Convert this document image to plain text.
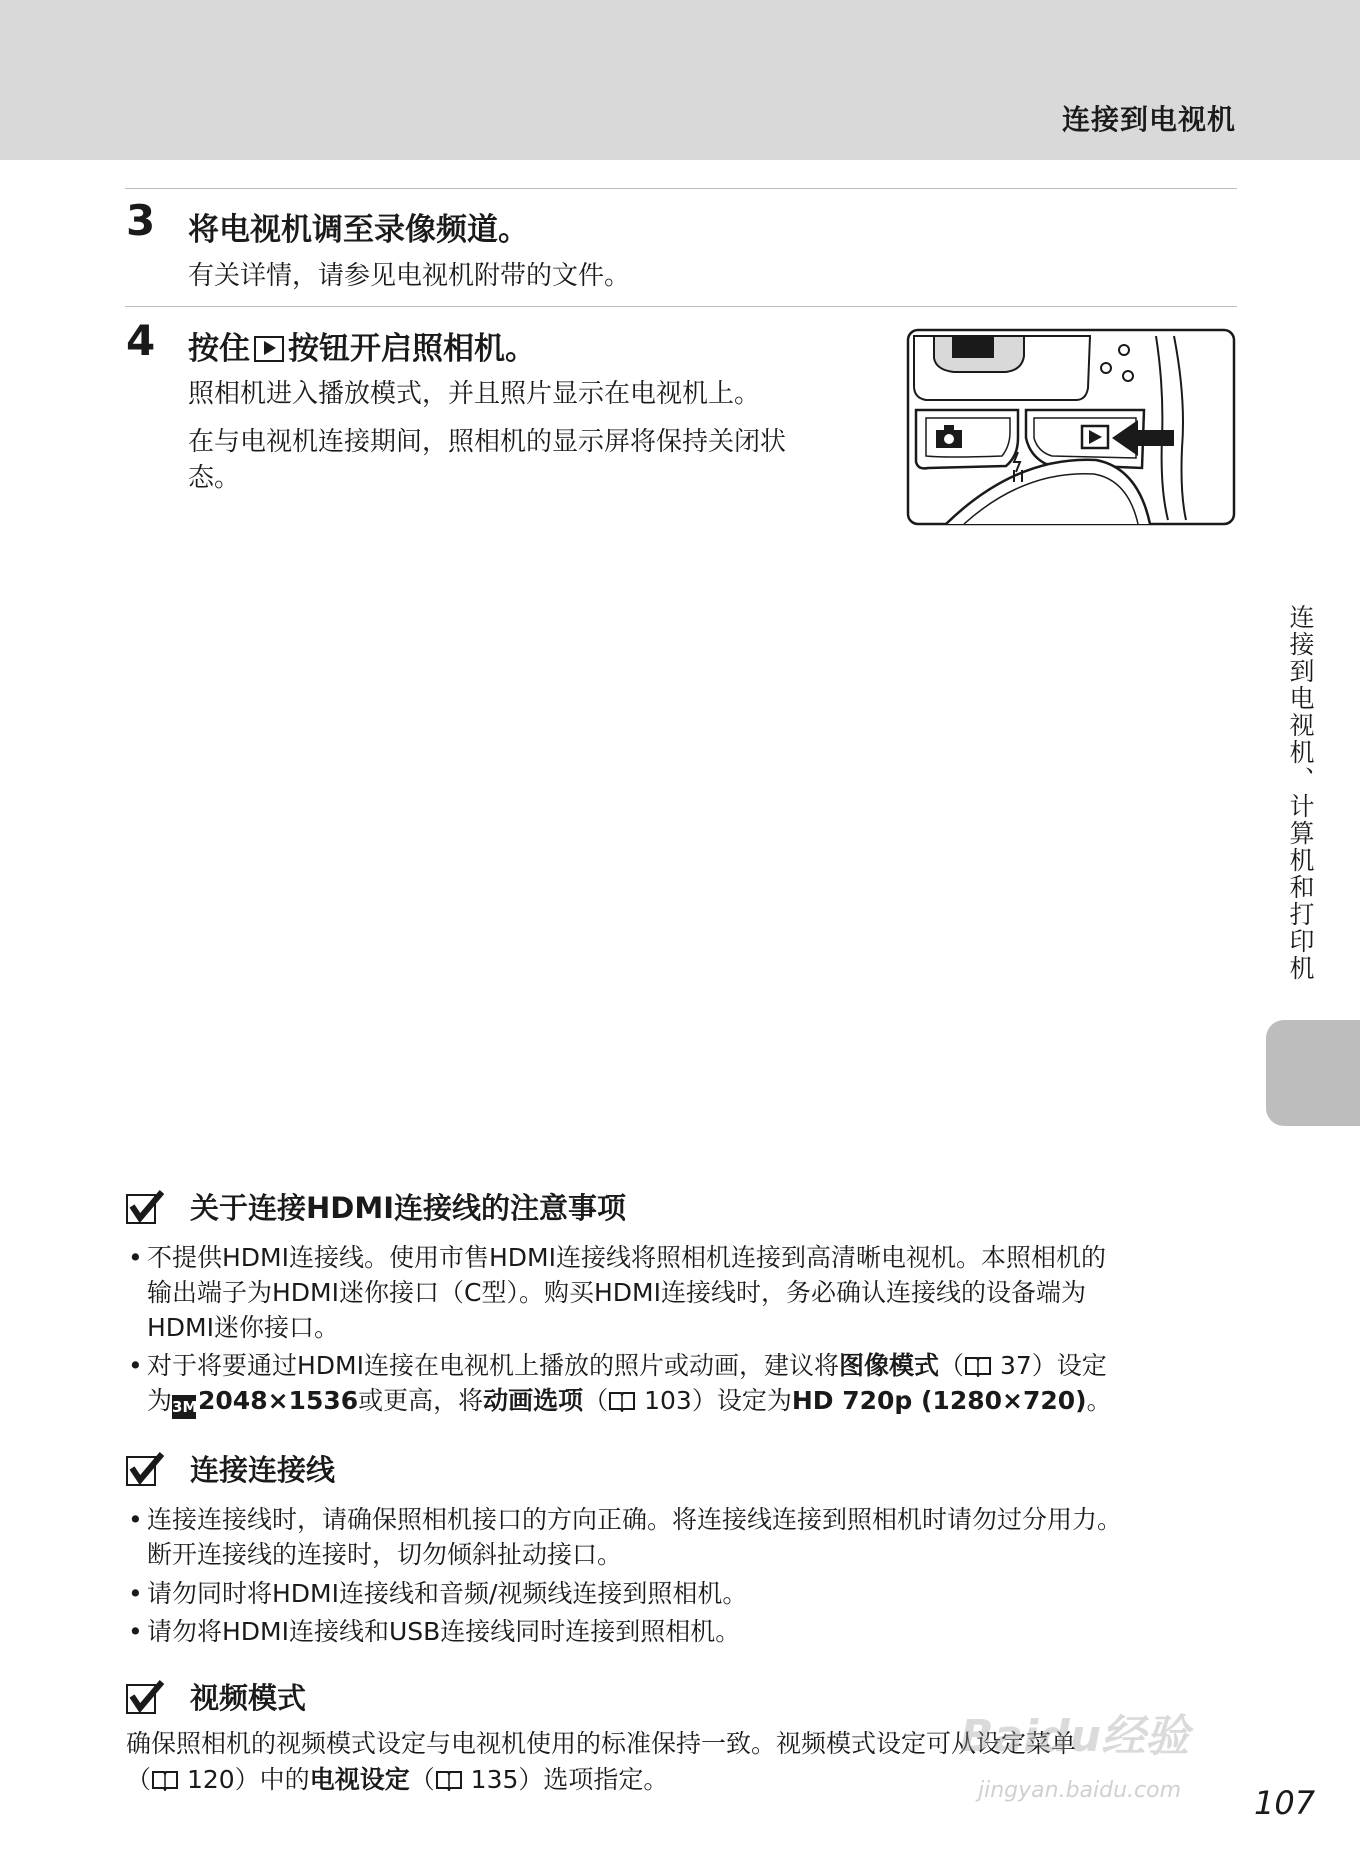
连接到电视机
3 将电视机调至录像频道。
有关详情，请参见电视机附带的文件。
4 按住 按钮开启照相机。
照相机进入播放模式，并且照片显示在电视机上。
在与电视机连接期间，照相机的显示屏将保持关闭状
态。
连接到电视机、计算机和打印机
关于连接HDMI连接线的注意事项
• 不提供HDMI连接线。使用市售HDMI连接线将照相机连接到高清晰电视机。本照相机的
输出端子为HDMI迷你接口（C型）。购买HDMI连接线时，务必确认连接线的设备端为
HDMI迷你接口。
• 对于将要通过HDMI连接在电视机上播放的照片或动画，建议将图像模式（ 37）设定
为3M2048×1536或更高，将动画选项（ 103）设定为HD 720p (1280×720)。
连接连接线
• 连接连接线时，请确保照相机接口的方向正确。将连接线连接到照相机时请勿过分用力。
断开连接线的连接时，切勿倾斜扯动接口。
• 请勿同时将HDMI连接线和音频/视频线连接到照相机。
• 请勿将HDMI连接线和USB连接线同时连接到照相机。
视频模式
确保照相机的视频模式设定与电视机使用的标准保持一致。视频模式设定可从设定菜单
（ 120）中的电视设定（ 135）选项指定。
Baidu经验
jingyan.baidu.com 107
